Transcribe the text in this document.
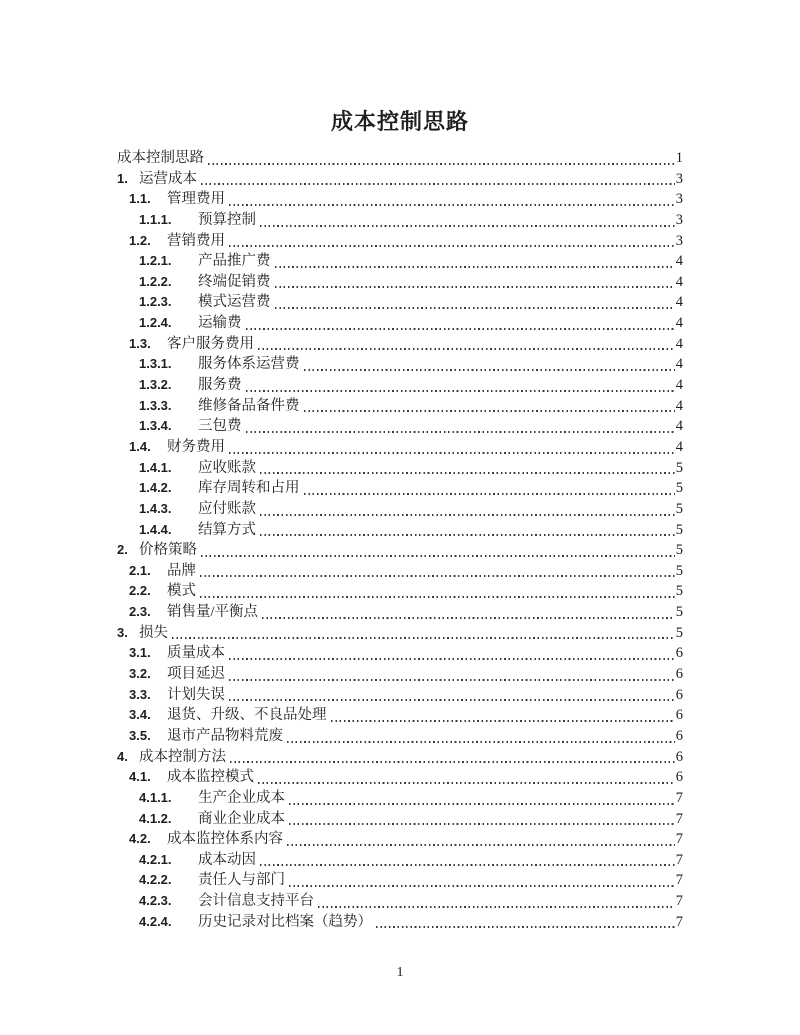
成本控制思路
成本控制思路	1
1. 运营成本	3
1.1.	管理费用	3
1.1.1.	预算控制	3
1.2.	营销费用	3
1.2.1.	产品推广费	4
1.2.2.	终端促销费	4
1.2.3.	模式运营费	4
1.2.4.	运输费	4
1.3.	客户服务费用	4
1.3.1.	服务体系运营费	4
1.3.2.	服务费	4
1.3.3.	维修备品备件费	4
1.3.4.	三包费	4
1.4.	财务费用	4
1.4.1.	应收账款	5
1.4.2.	库存周转和占用	5
1.4.3.	应付账款	5
1.4.4.	结算方式	5
2. 价格策略	5
2.1.	品牌	5
2.2.	模式	5
2.3.	销售量/平衡点	5
3. 损失	5
3.1.	质量成本	6
3.2.	项目延迟	6
3.3.	计划失误	6
3.4.	退货、升级、不良品处理	6
3.5.	退市产品物料荒废	6
4. 成本控制方法	6
4.1.	成本监控模式	6
4.1.1.	生产企业成本	7
4.1.2.	商业企业成本	7
4.2.	成本监控体系内容	7
4.2.1.	成本动因	7
4.2.2.	责任人与部门	7
4.2.3.	会计信息支持平台	7
4.2.4.	历史记录对比档案（趋势）	7
1
